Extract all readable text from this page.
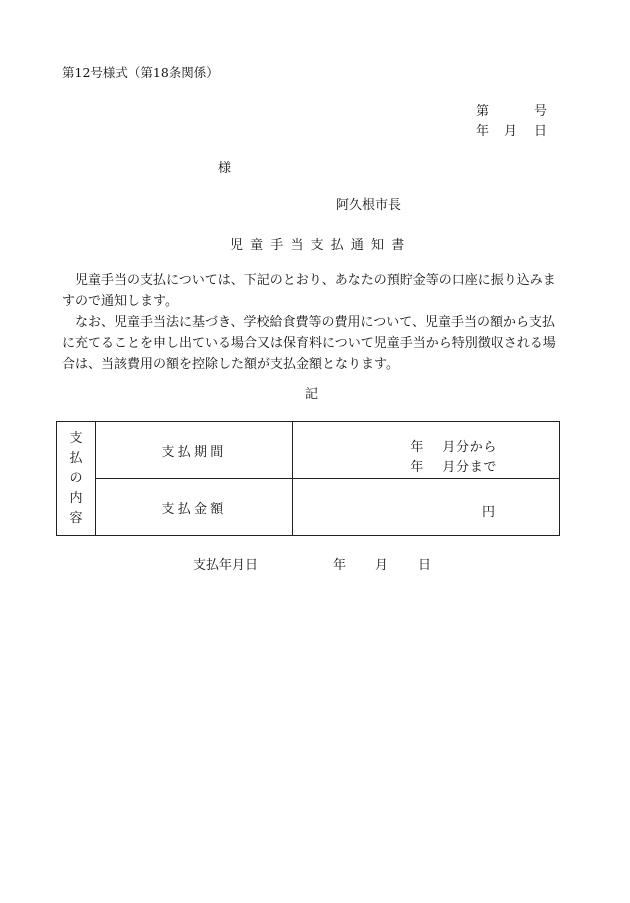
第12号様式（第18条関係）
第	号
年 月 日
様
阿久根市長
児童手当支払通知書

児童手当の支払については、下記のとおり、あなたの預貯金等の口座に振り込みますので通知します。

なお、児童手当法に基づき、学校給食費等の費用について、児童手当の額から支払に充てることを申し出ている場合又は保育料について児童手当から特別徴収される場合は、当該費用の額を控除した額が支払金額となります。

記
支
払
の
内
容	支払期間	年　 月分から
年　 月分まで

	支払金額	円
支払年月日	年 月 日
